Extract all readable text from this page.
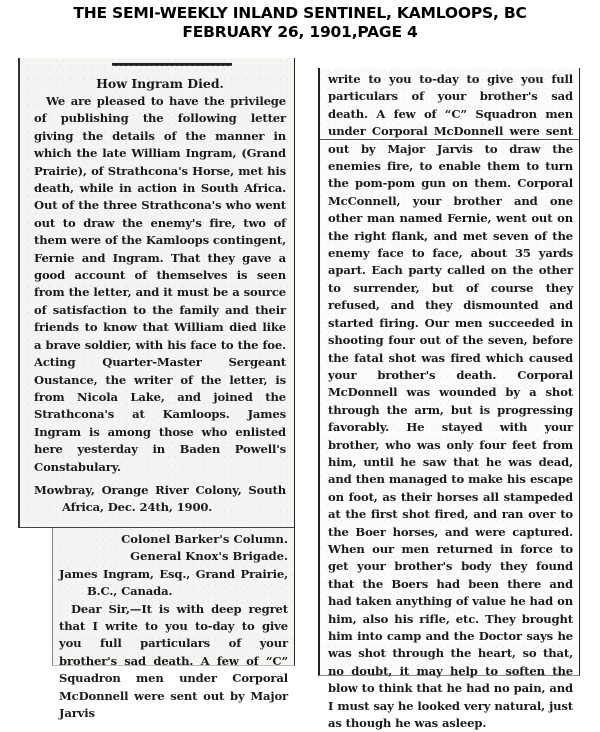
THE SEMI-WEEKLY INLAND SENTINEL, KAMLOOPS, BC
FEBRUARY 26, 1901,PAGE 4
How Ingram Died.

We are pleased to have the privilege of publishing the following letter giving the details of the manner in which the late William Ingram, (Grand Prairie), of Strathcona's Horse, met his death, while in action in South Africa. Out of the three Strathcona's who went out to draw the enemy's fire, two of them were of the Kamloops contingent, Fernie and Ingram. That they gave a good account of themselves is seen from the letter, and it must be a source of satisfaction to the family and their friends to know that William died like a brave soldier, with his face to the foe. Acting Quarter-Master Sergeant Oustance, the writer of the letter, is from Nicola Lake, and joined the Strathcona's at Kamloops. James Ingram is among those who enlisted here yesterday in Baden Powell's Constabulary.

Mowbray, Orange River Colony, South Africa, Dec. 24th, 1900.

Colonel Barker's Column.

General Knox's Brigade.

James Ingram, Esq., Grand Prairie, B.C., Canada.

Dear Sir,—It is with deep regret that I write to you to-day to give you full particulars of your brother's sad death. A few of “C” Squadron men under Corporal McDonnell were sent out by Major Jarvis

write to you to-day to give you full particulars of your brother's sad death. A few of “C” Squadron men under Corporal McDonnell were sent out by Major Jarvis to draw the enemies fire, to enable them to turn the pom-pom gun on them. Corporal McConnell, your brother and one other man named Fernie, went out on the right flank, and met seven of the enemy face to face, about 35 yards apart. Each party called on the other to surrender, but of course they refused, and they dismounted and started firing. Our men succeeded in shooting four out of the seven, before the fatal shot was fired which caused your brother's death. Corporal McDonnell was wounded by a shot through the arm, but is progressing favorably. He stayed with your brother, who was only four feet from him, until he saw that he was dead, and then managed to make his escape on foot, as their horses all stampeded at the first shot fired, and ran over to the Boer horses, and were captured. When our men returned in force to get your brother's body they found that the Boers had been there and had taken anything of value he had on him, also his rifle, etc. They brought him into camp and the Doctor says he was shot through the heart, so that, no doubt, it may help to soften the blow to think that he had no pain, and I must say he looked very natural, just as though he was asleep.
